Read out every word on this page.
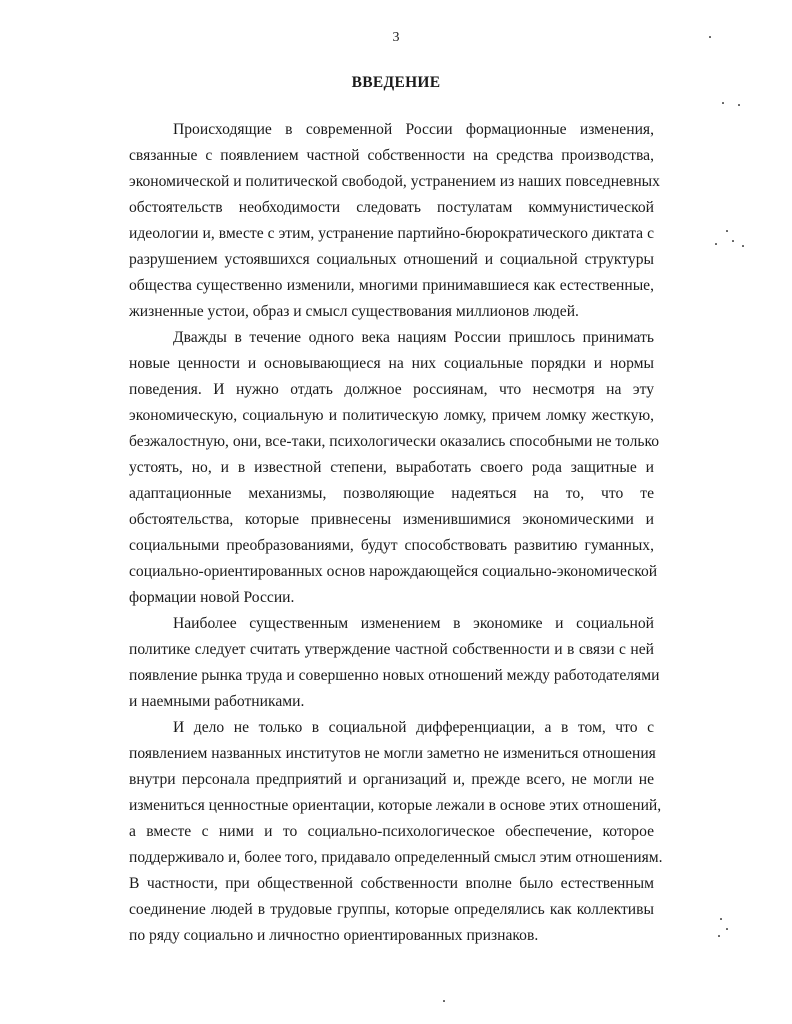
3
ВВЕДЕНИЕ
Происходящие в современной России формационные изменения,
связанные с появлением частной собственности на средства производства,
экономической и политической свободой, устранением из наших повседневных
обстоятельств необходимости следовать постулатам коммунистической
идеологии и, вместе с этим, устранение партийно-бюрократического диктата с
разрушением устоявшихся социальных отношений и социальной структуры
общества существенно изменили, многими принимавшиеся как естественные,
жизненные устои, образ и смысл существования миллионов людей.
Дважды в течение одного века нациям России пришлось принимать
новые ценности и основывающиеся на них социальные порядки и нормы
поведения. И нужно отдать должное россиянам, что несмотря на эту
экономическую, социальную и политическую ломку, причем ломку жесткую,
безжалостную, они, все-таки, психологически оказались способными не только
устоять, но, и в известной степени, выработать своего рода защитные и
адаптационные механизмы, позволяющие надеяться на то, что те
обстоятельства, которые привнесены изменившимися экономическими и
социальными преобразованиями, будут способствовать развитию гуманных,
социально-ориентированных основ нарождающейся социально-экономической
формации новой России.
Наиболее существенным изменением в экономике и социальной
политике следует считать утверждение частной собственности и в связи с ней
появление рынка труда и совершенно новых отношений между работодателями
и наемными работниками.
И дело не только в социальной дифференциации, а в том, что с
появлением названных институтов не могли заметно не измениться отношения
внутри персонала предприятий и организаций и, прежде всего, не могли не
измениться ценностные ориентации, которые лежали в основе этих отношений,
а вместе с ними и то социально-психологическое обеспечение, которое
поддерживало и, более того, придавало определенный смысл этим отношениям.
В частности, при общественной собственности вполне было естественным
соединение людей в трудовые группы, которые определялись как коллективы
по ряду социально и личностно ориентированных признаков.
